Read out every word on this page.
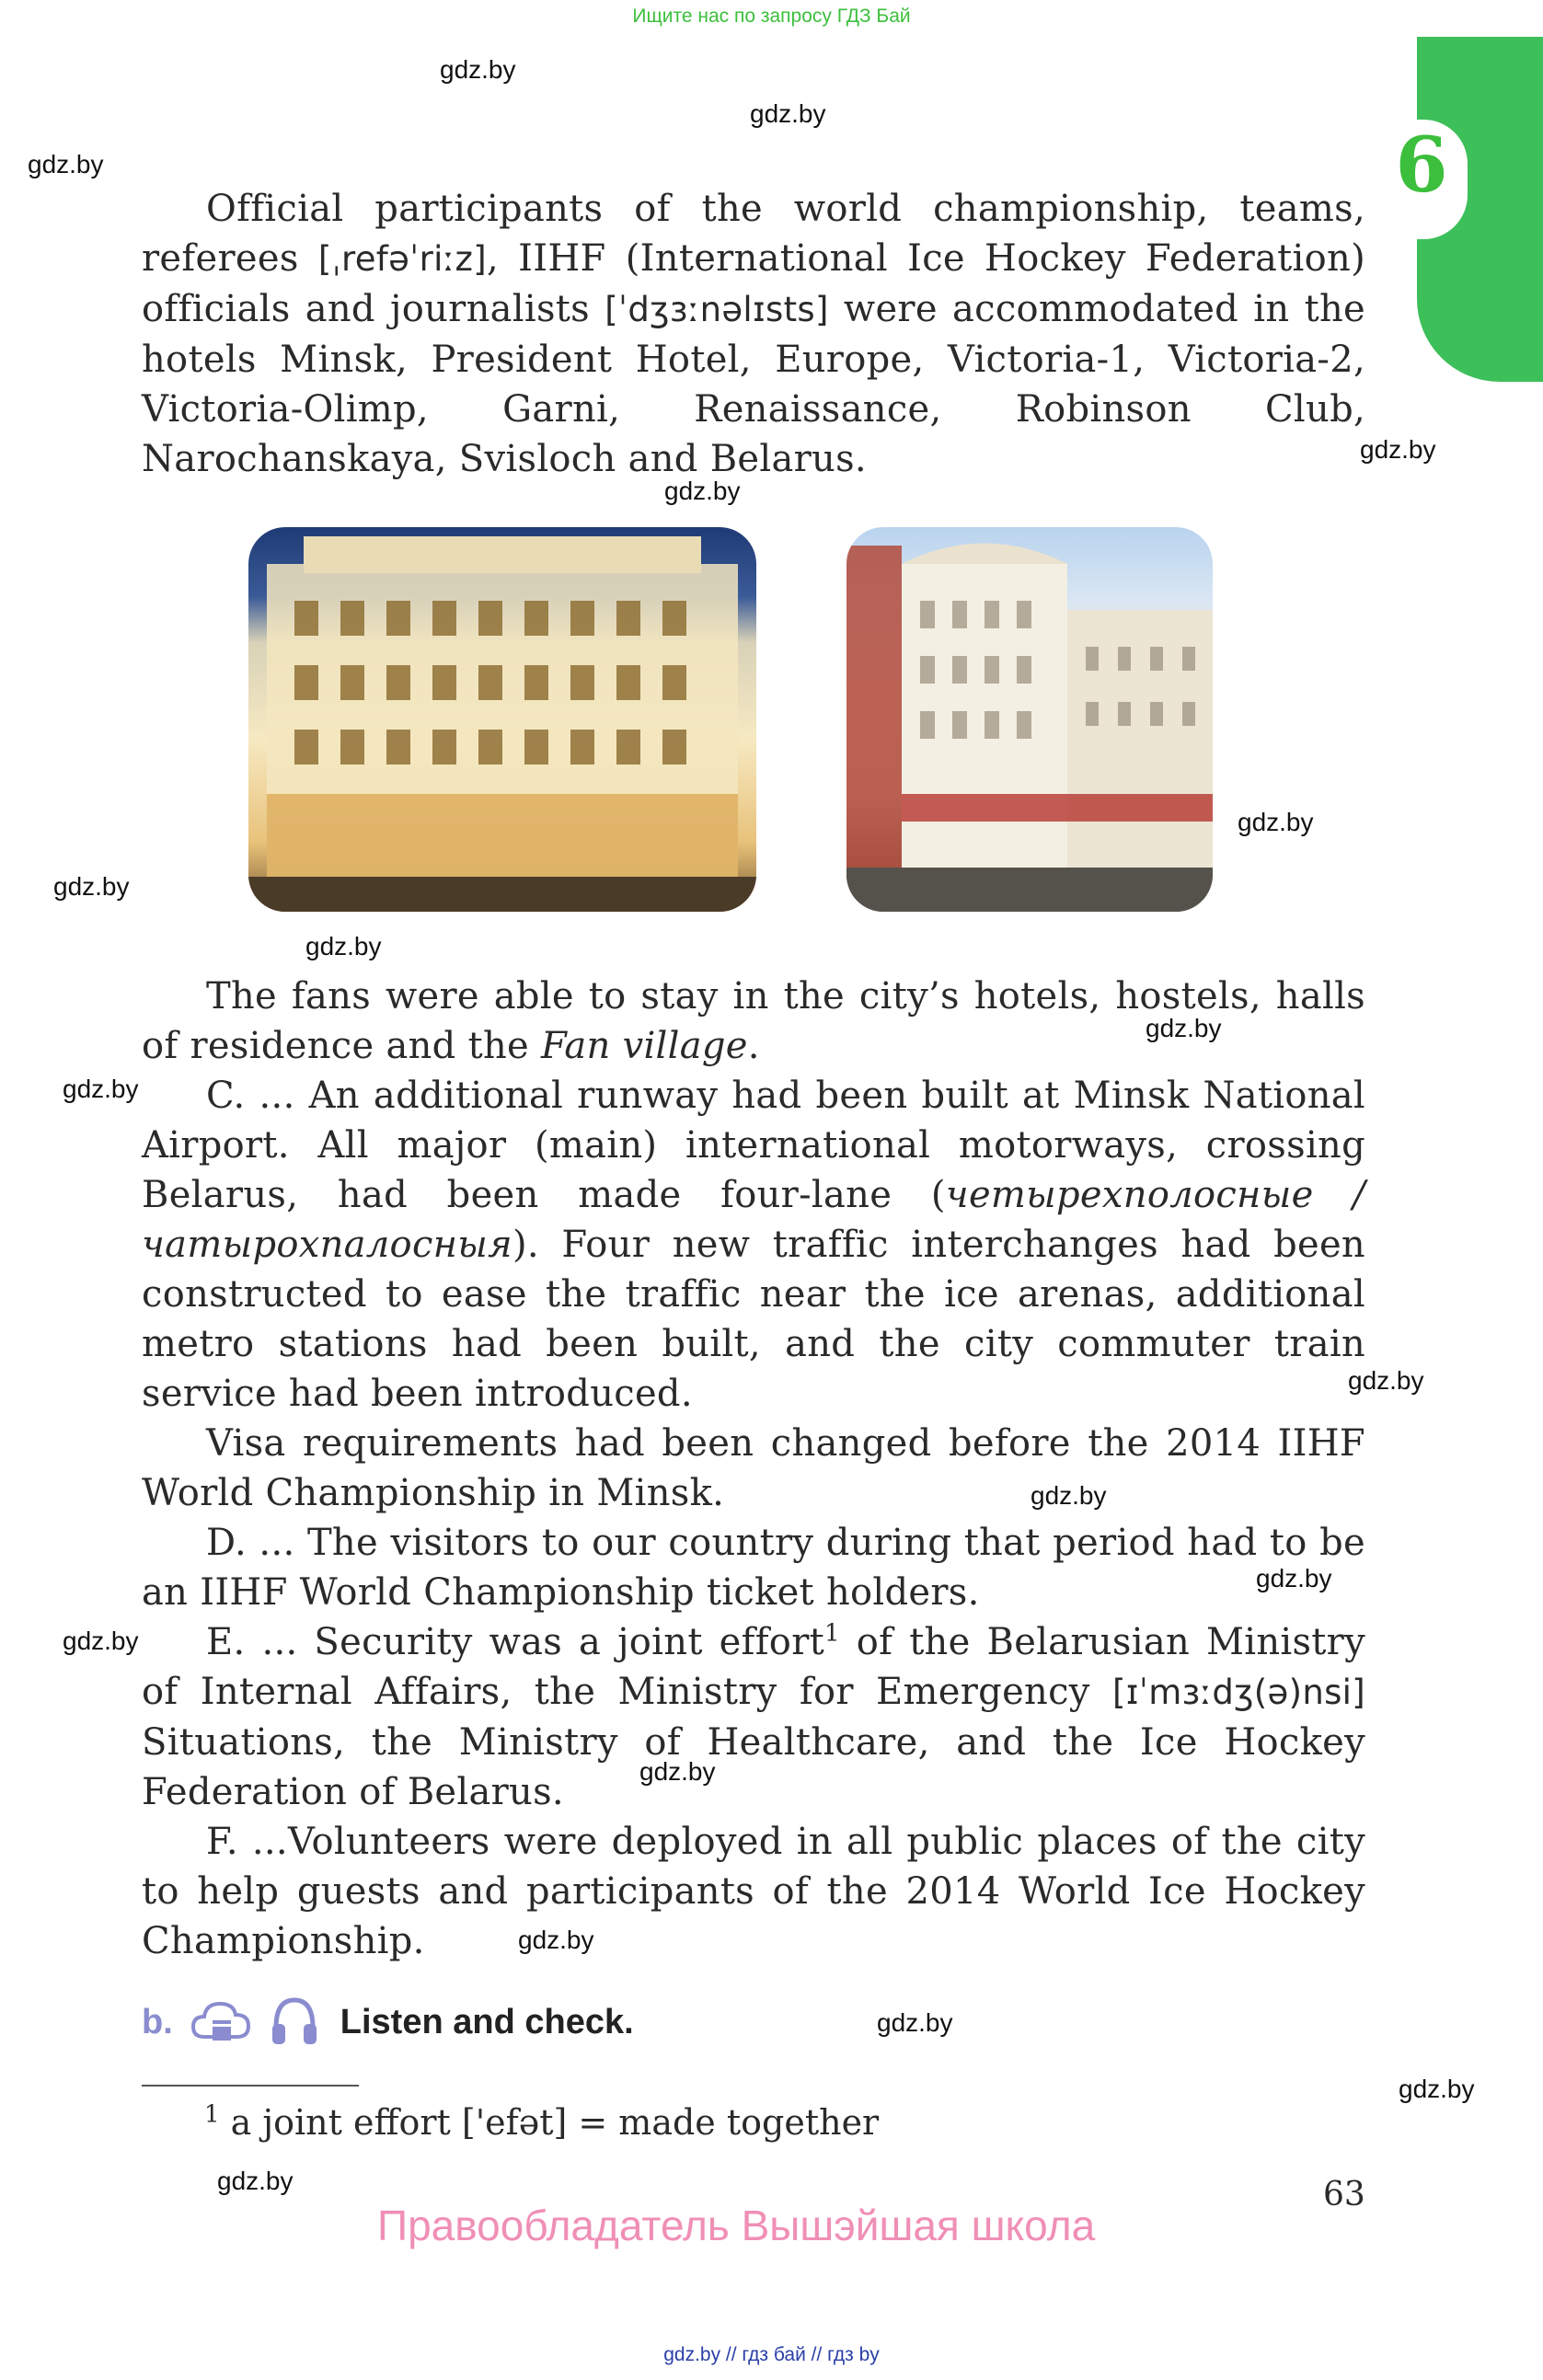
Ищите нас по запросу ГДЗ Бай
6
gdz.by
gdz.by
gdz.by
gdz.by
gdz.by
gdz.by
gdz.by
gdz.by
gdz.by
gdz.by
gdz.by
gdz.by
gdz.by
gdz.by
gdz.by
gdz.by
gdz.by
gdz.by
gdz.by

Official participants of the world championship, teams, referees [ˌrefəˈriːz], IIHF (International Ice Hockey Federation) officials and journalists [ˈdʒɜːnəlɪsts] were accommodated in the hotels Minsk, President Hotel, Europe, Victoria-1, Victoria-2, Victoria-Olimp, Garni, Renaissance, Robinson Club, Narochanskaya, Svisloch and Belarus.

The fans were able to stay in the city’s hotels, hostels, halls of residence and the Fan village.

C. ... An additional runway had been built at Minsk National Airport. All major (main) international motorways, crossing Belarus, had been made four-lane (четырехполосные / чатырохпалосныя). Four new traffic interchanges had been constructed to ease the traffic near the ice arenas, additional metro stations had been built, and the city commuter train service had been introduced.

Visa requirements had been changed before the 2014 IIHF World Championship in Minsk.

D. ... The visitors to our country during that period had to be an IIHF World Championship ticket holders.

E. ... Security was a joint effort$^1$ of the Belarusian Ministry of Internal Affairs, the Ministry for Emergency [ɪˈmɜːdʒ(ə)nsi] Situations, the Ministry of Healthcare, and the Ice Hockey Federation of Belarus.

F. ...Volunteers were deployed in all public places of the city to help guests and participants of the 2014 World Ice Hockey Championship.

b.	Listen and check.
$^1$ a joint effort ['efət] = made together
63
Правообладатель Вышэйшая школа
gdz.by // гдз бай // гдз by
